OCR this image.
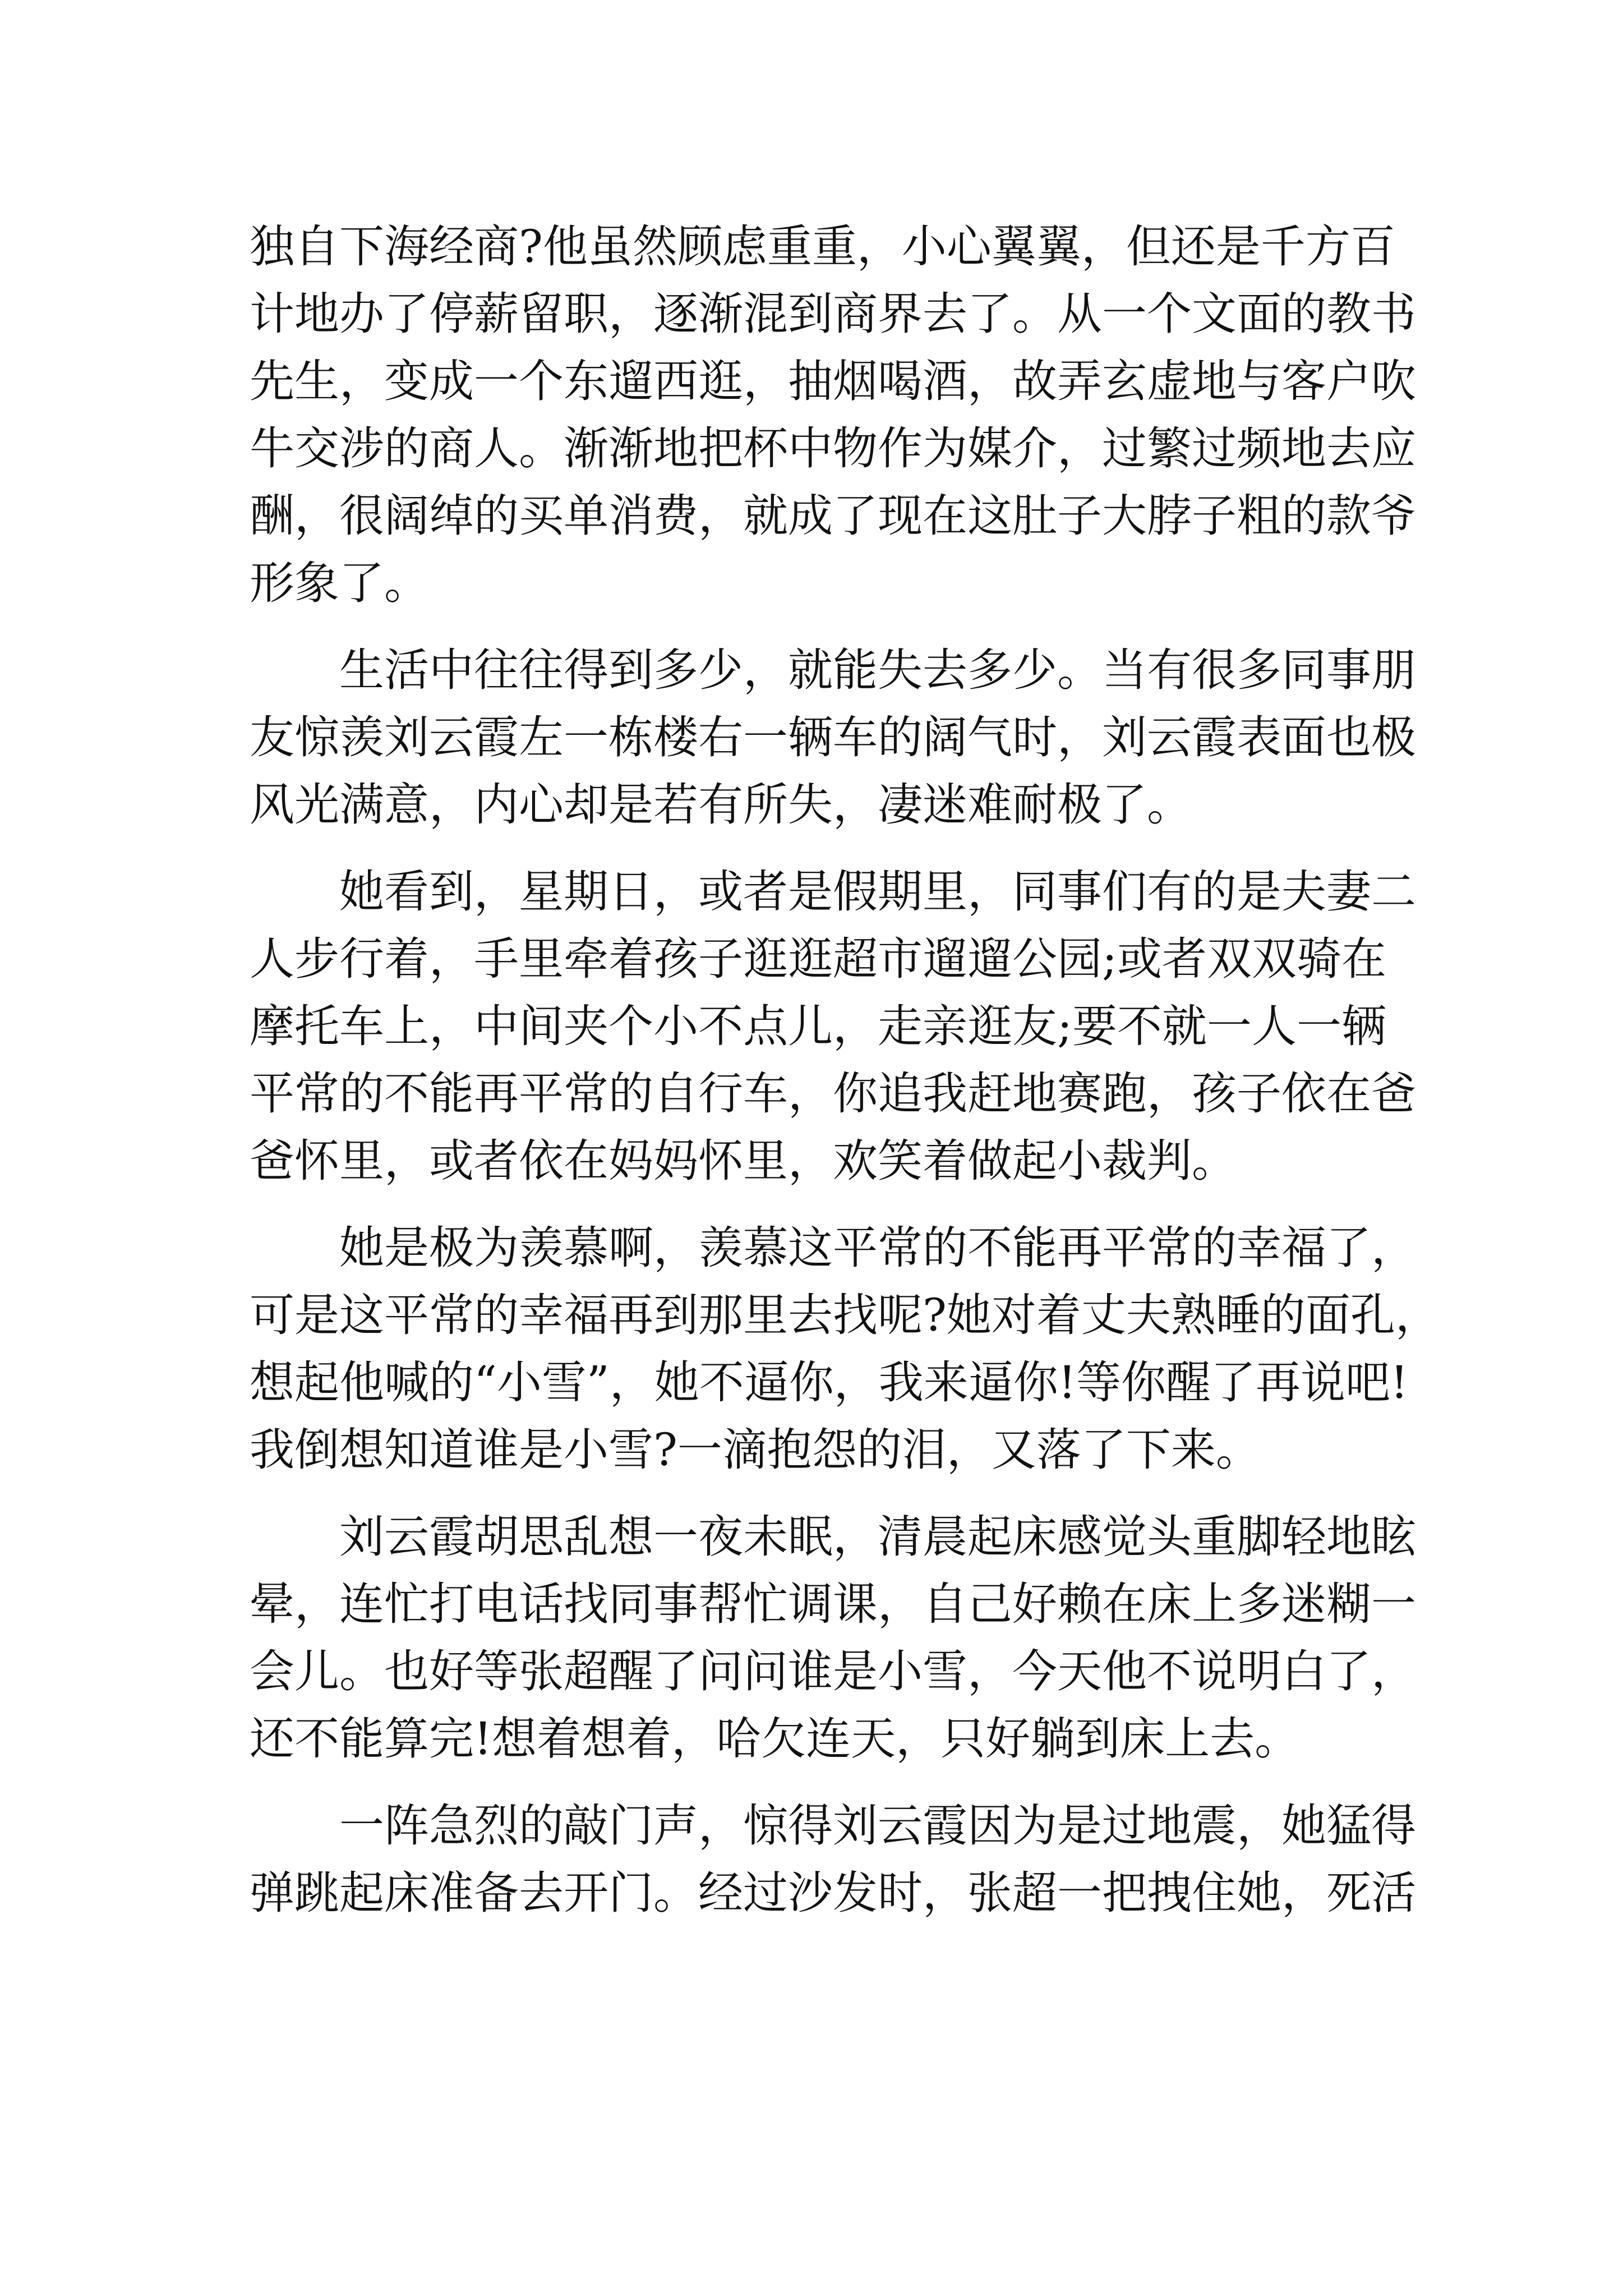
独自下海经商?他虽然顾虑重重，小心翼翼，但还是千方百
计地办了停薪留职，逐渐混到商界去了。从一个文面的教书
先生，变成一个东遛西逛，抽烟喝酒，故弄玄虚地与客户吹
牛交涉的商人。渐渐地把杯中物作为媒介，过繁过频地去应
酬，很阔绰的买单消费，就成了现在这肚子大脖子粗的款爷
形象了。
　　生活中往往得到多少，就能失去多少。当有很多同事朋
友惊羡刘云霞左一栋楼右一辆车的阔气时，刘云霞表面也极
风光满意，内心却是若有所失，凄迷难耐极了。
　　她看到，星期日，或者是假期里，同事们有的是夫妻二
人步行着，手里牵着孩子逛逛超市遛遛公园;或者双双骑在
摩托车上，中间夹个小不点儿，走亲逛友;要不就一人一辆
平常的不能再平常的自行车，你追我赶地赛跑，孩子依在爸
爸怀里，或者依在妈妈怀里，欢笑着做起小裁判。
　　她是极为羡慕啊，羡慕这平常的不能再平常的幸福了，
可是这平常的幸福再到那里去找呢?她对着丈夫熟睡的面孔，
想起他喊的“小雪”，她不逼你，我来逼你!等你醒了再说吧!
我倒想知道谁是小雪?一滴抱怨的泪，又落了下来。
　　刘云霞胡思乱想一夜未眠，清晨起床感觉头重脚轻地眩
晕，连忙打电话找同事帮忙调课，自己好赖在床上多迷糊一
会儿。也好等张超醒了问问谁是小雪，今天他不说明白了，
还不能算完!想着想着，哈欠连天，只好躺到床上去。
　　一阵急烈的敲门声，惊得刘云霞因为是过地震，她猛得
弹跳起床准备去开门。经过沙发时，张超一把拽住她，死活
